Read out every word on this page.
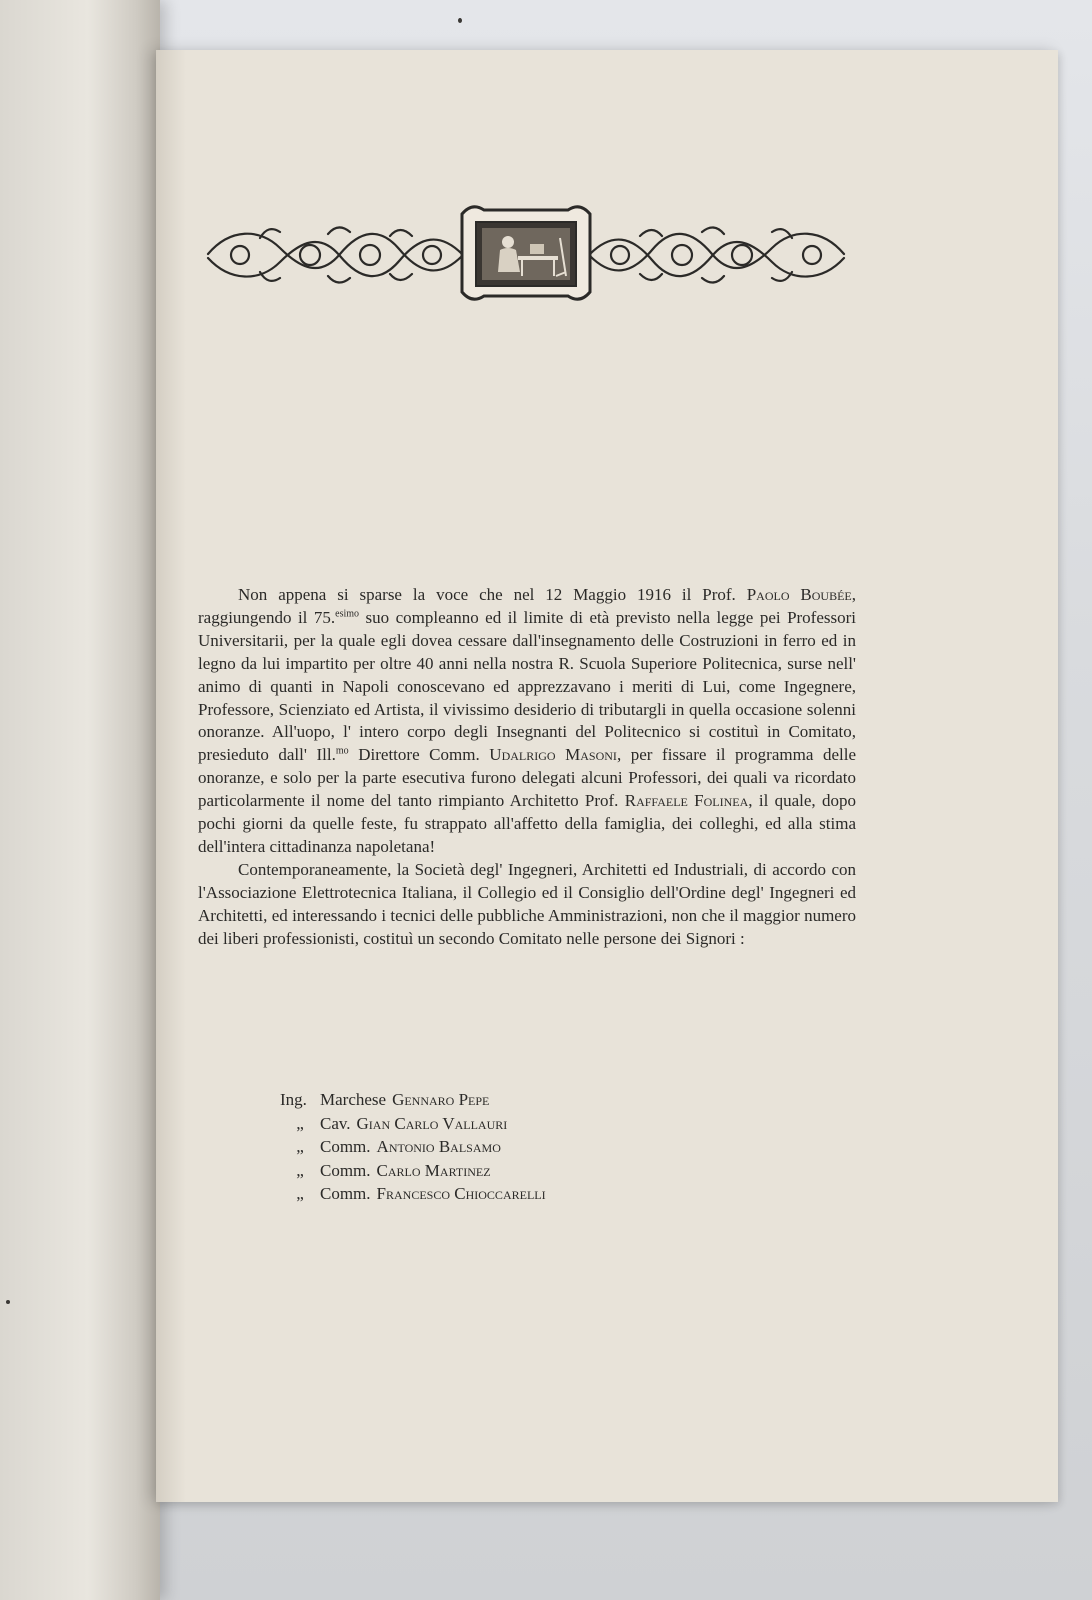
Non appena si sparse la voce che nel 12 Maggio 1916 il Prof. Paolo Boubée, raggiungendo il 75.$^{esimo}$ suo compleanno ed il limite di età previsto nella legge pei Professori Universitarii, per la quale egli dovea cessare dall'insegnamento delle Costruzioni in ferro ed in legno da lui impartito per oltre 40 anni nella nostra R. Scuola Superiore Politecnica, surse nell' animo di quanti in Napoli conoscevano ed apprezzavano i meriti di Lui, come Ingegnere, Professore, Scienziato ed Artista, il vivissimo desiderio di tributargli in quella occasione solenni onoranze. All'uopo, l' intero corpo degli Insegnanti del Politecnico si costituì in Comitato, presieduto dall' Ill.$^{mo}$ Direttore Comm. Udalrigo Masoni, per fissare il programma delle onoranze, e solo per la parte esecutiva furono delegati alcuni Professori, dei quali va ricordato particolarmente il nome del tanto rimpianto Architetto Prof. Raffaele Folinea, il quale, dopo pochi giorni da quelle feste, fu strappato all'affetto della famiglia, dei colleghi, ed alla stima dell'intera cittadinanza napoletana!

Contemporaneamente, la Società degl' Ingegneri, Architetti ed Industriali, di accordo con l'Associazione Elettrotecnica Italiana, il Collegio ed il Consiglio dell'Ordine degl' Ingegneri ed Architetti, ed interessando i tecnici delle pubbliche Amministrazioni, non che il maggior numero dei liberi professionisti, costituì un secondo Comitato nelle persone dei Signori :

Ing. Marchese Gennaro Pepe
„ Cav. Gian Carlo Vallauri
„ Comm. Antonio Balsamo
„ Comm. Carlo Martinez
„ Comm. Francesco Chioccarelli
